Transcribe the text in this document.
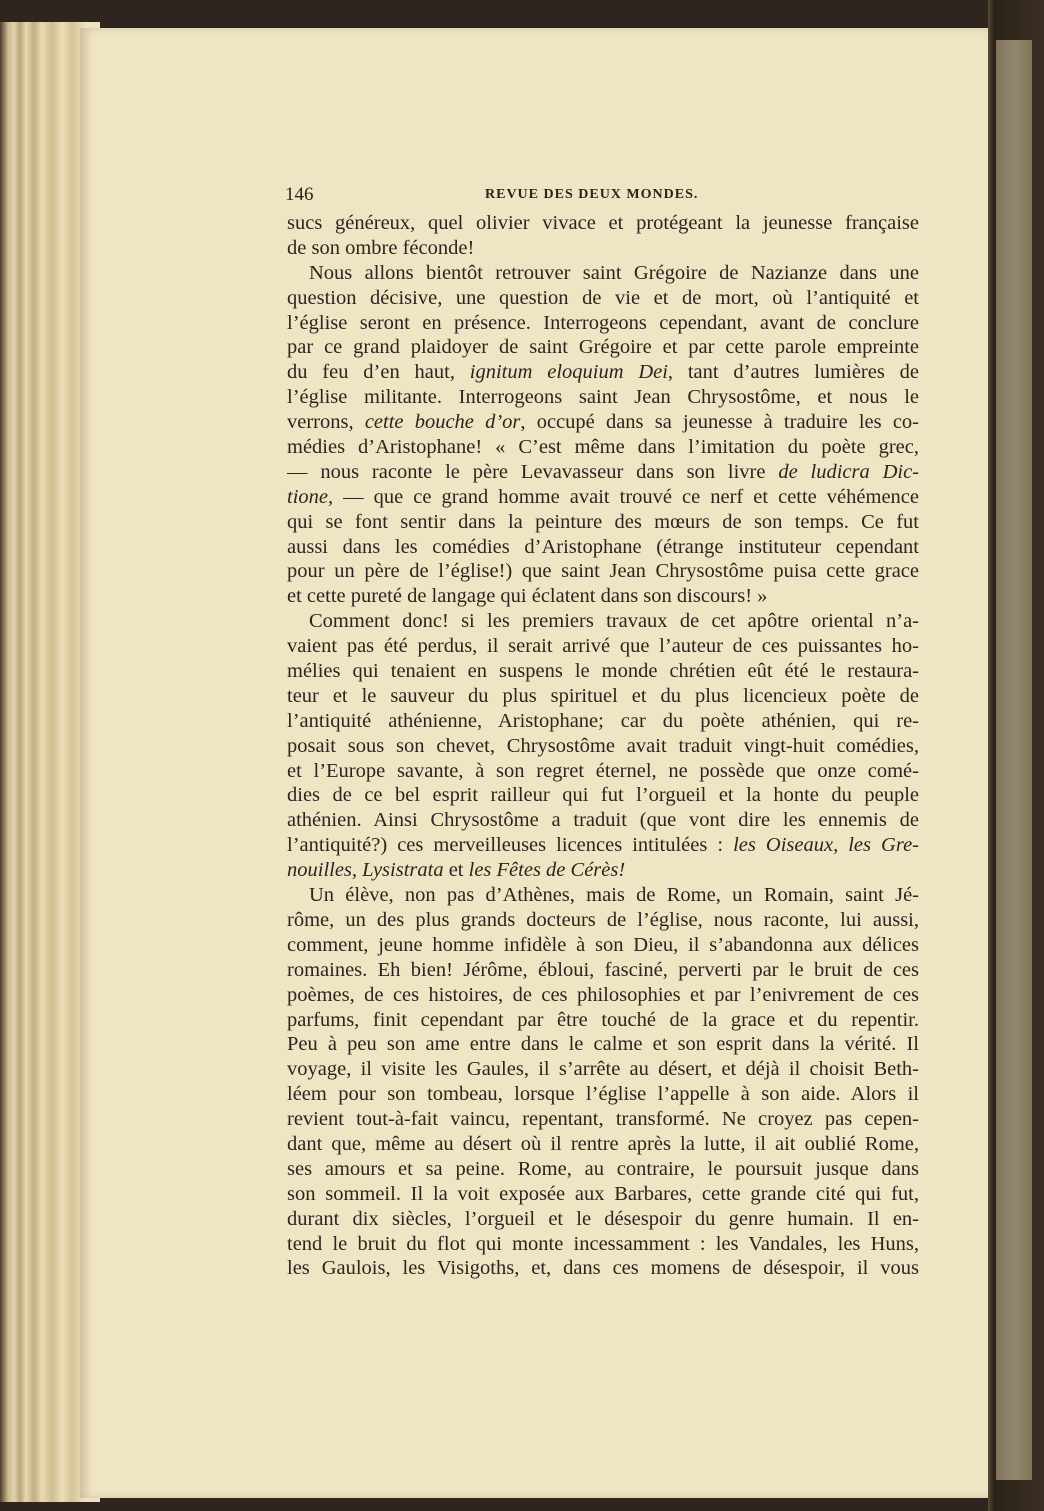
146	REVUE DES DEUX MONDES.
sucs généreux, quel olivier vivace et protégeant la jeunesse française
de son ombre féconde!
Nous allons bientôt retrouver saint Grégoire de Nazianze dans une
question décisive, une question de vie et de mort, où l’antiquité et
l’église seront en présence. Interrogeons cependant, avant de conclure
par ce grand plaidoyer de saint Grégoire et par cette parole empreinte
du feu d’en haut, ignitum eloquium Dei, tant d’autres lumières de
l’église militante. Interrogeons saint Jean Chrysostôme, et nous le
verrons, cette bouche d’or, occupé dans sa jeunesse à traduire les co-
médies d’Aristophane! « C’est même dans l’imitation du poète grec,
— nous raconte le père Levavasseur dans son livre de ludicra Dic-
tione, — que ce grand homme avait trouvé ce nerf et cette véhémence
qui se font sentir dans la peinture des mœurs de son temps. Ce fut
aussi dans les comédies d’Aristophane (étrange instituteur cependant
pour un père de l’église!) que saint Jean Chrysostôme puisa cette grace
et cette pureté de langage qui éclatent dans son discours! »
Comment donc! si les premiers travaux de cet apôtre oriental n’a-
vaient pas été perdus, il serait arrivé que l’auteur de ces puissantes ho-
mélies qui tenaient en suspens le monde chrétien eût été le restaura-
teur et le sauveur du plus spirituel et du plus licencieux poète de
l’antiquité athénienne, Aristophane; car du poète athénien, qui re-
posait sous son chevet, Chrysostôme avait traduit vingt-huit comédies,
et l’Europe savante, à son regret éternel, ne possède que onze comé-
dies de ce bel esprit railleur qui fut l’orgueil et la honte du peuple
athénien. Ainsi Chrysostôme a traduit (que vont dire les ennemis de
l’antiquité?) ces merveilleuses licences intitulées : les Oiseaux, les Gre-
nouilles, Lysistrata et les Fêtes de Cérès!
Un élève, non pas d’Athènes, mais de Rome, un Romain, saint Jé-
rôme, un des plus grands docteurs de l’église, nous raconte, lui aussi,
comment, jeune homme infidèle à son Dieu, il s’abandonna aux délices
romaines. Eh bien! Jérôme, ébloui, fasciné, perverti par le bruit de ces
poèmes, de ces histoires, de ces philosophies et par l’enivrement de ces
parfums, finit cependant par être touché de la grace et du repentir.
Peu à peu son ame entre dans le calme et son esprit dans la vérité. Il
voyage, il visite les Gaules, il s’arrête au désert, et déjà il choisit Beth-
léem pour son tombeau, lorsque l’église l’appelle à son aide. Alors il
revient tout-à-fait vaincu, repentant, transformé. Ne croyez pas cepen-
dant que, même au désert où il rentre après la lutte, il ait oublié Rome,
ses amours et sa peine. Rome, au contraire, le poursuit jusque dans
son sommeil. Il la voit exposée aux Barbares, cette grande cité qui fut,
durant dix siècles, l’orgueil et le désespoir du genre humain. Il en-
tend le bruit du flot qui monte incessamment : les Vandales, les Huns,
les Gaulois, les Visigoths, et, dans ces momens de désespoir, il vous
